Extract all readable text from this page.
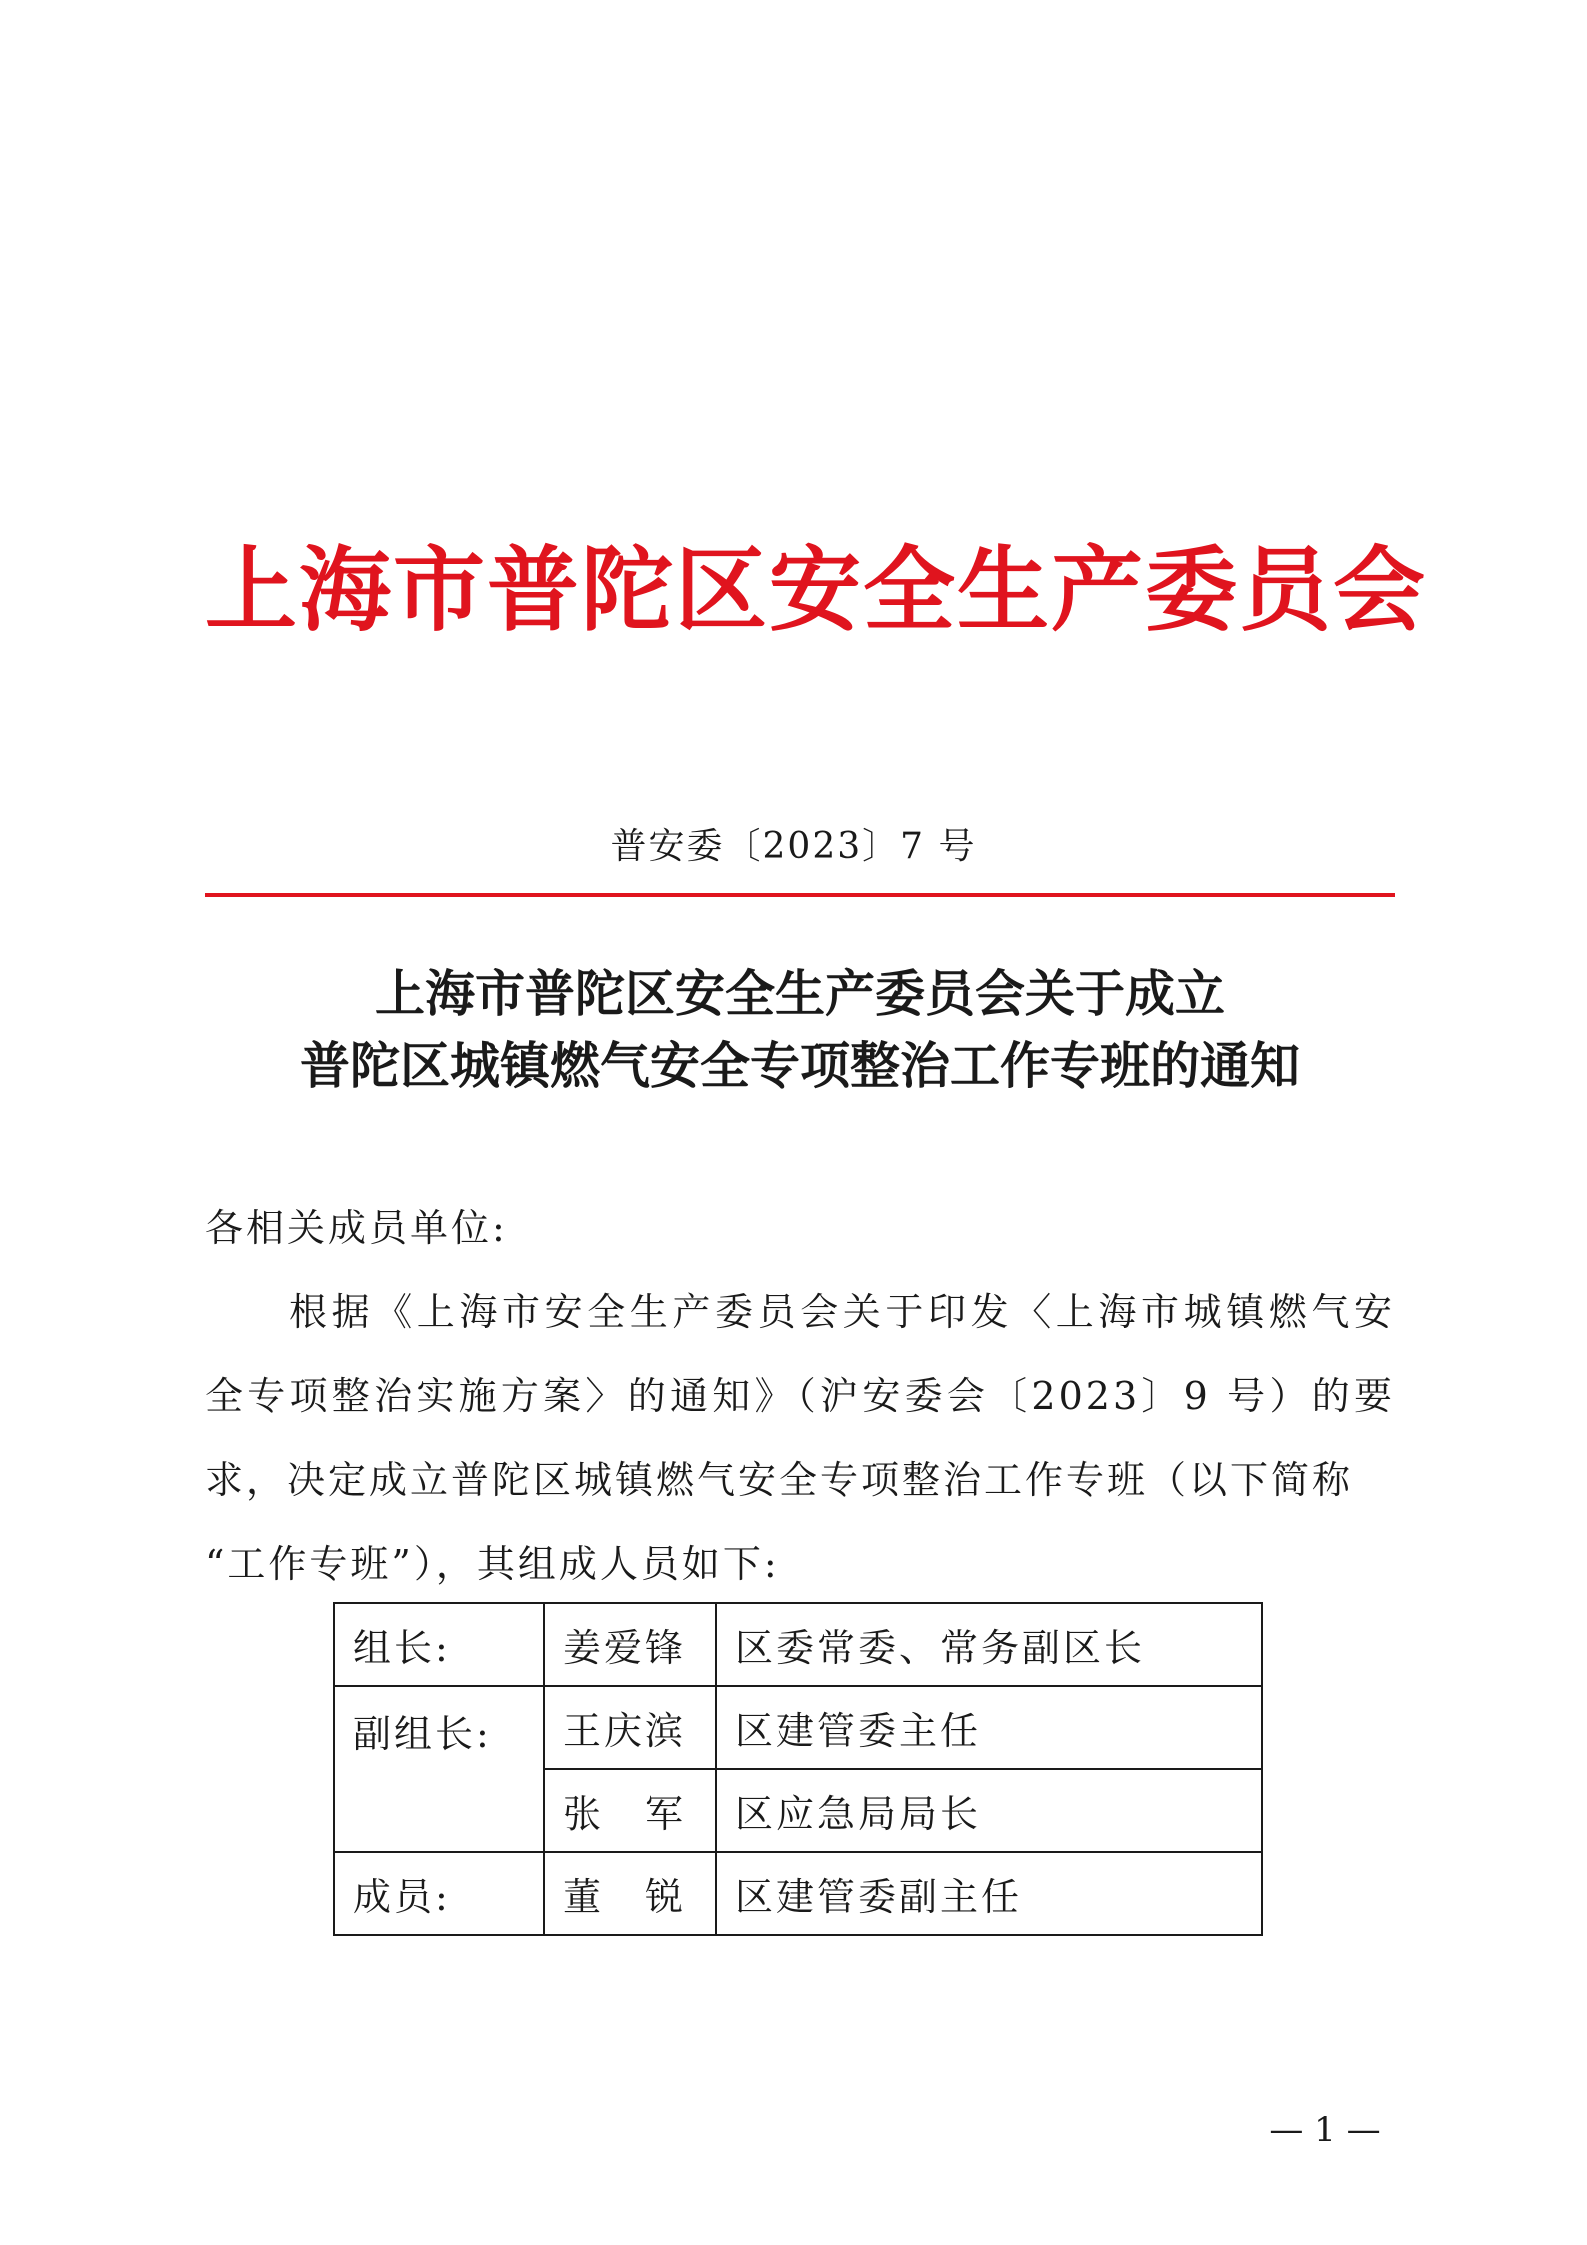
上海市普陀区安全生产委员会
普安委〔2023〕7 号
上海市普陀区安全生产委员会关于成立
普陀区城镇燃气安全专项整治工作专班的通知
各相关成员单位:
根据《上海市安全生产委员会关于印发〈上海市城镇燃气安全专项整治实施方案〉的通知》（沪安委会〔2023〕9 号）的要求，决定成立普陀区城镇燃气安全专项整治工作专班（以下简称
“工作专班”），其组成人员如下:
组长:	姜爱锋	区委常委、常务副区长
副组长:	王庆滨	区建管委主任
	张　军	区应急局局长
成员:	董　锐	区建管委副主任
— 1 —
